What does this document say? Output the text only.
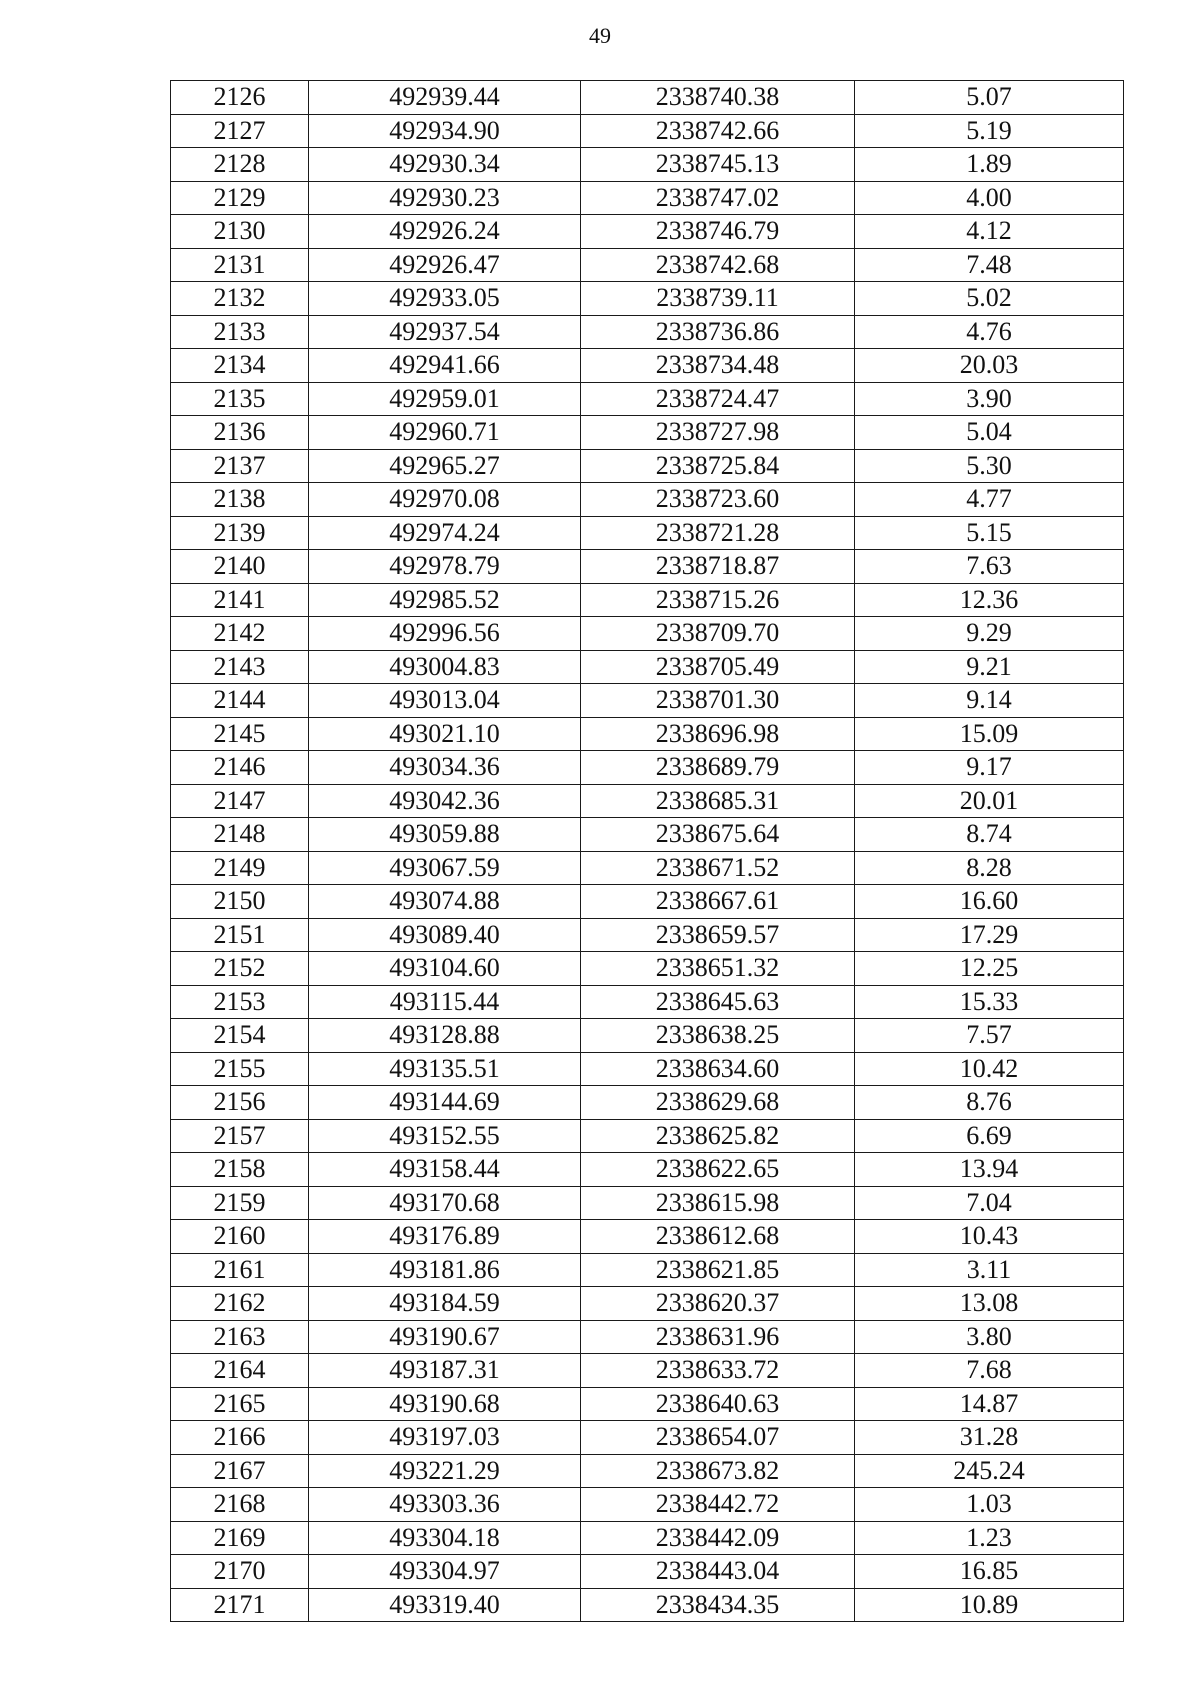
49
2126	492939.44	2338740.38	5.07
2127	492934.90	2338742.66	5.19
2128	492930.34	2338745.13	1.89
2129	492930.23	2338747.02	4.00
2130	492926.24	2338746.79	4.12
2131	492926.47	2338742.68	7.48
2132	492933.05	2338739.11	5.02
2133	492937.54	2338736.86	4.76
2134	492941.66	2338734.48	20.03
2135	492959.01	2338724.47	3.90
2136	492960.71	2338727.98	5.04
2137	492965.27	2338725.84	5.30
2138	492970.08	2338723.60	4.77
2139	492974.24	2338721.28	5.15
2140	492978.79	2338718.87	7.63
2141	492985.52	2338715.26	12.36
2142	492996.56	2338709.70	9.29
2143	493004.83	2338705.49	9.21
2144	493013.04	2338701.30	9.14
2145	493021.10	2338696.98	15.09
2146	493034.36	2338689.79	9.17
2147	493042.36	2338685.31	20.01
2148	493059.88	2338675.64	8.74
2149	493067.59	2338671.52	8.28
2150	493074.88	2338667.61	16.60
2151	493089.40	2338659.57	17.29
2152	493104.60	2338651.32	12.25
2153	493115.44	2338645.63	15.33
2154	493128.88	2338638.25	7.57
2155	493135.51	2338634.60	10.42
2156	493144.69	2338629.68	8.76
2157	493152.55	2338625.82	6.69
2158	493158.44	2338622.65	13.94
2159	493170.68	2338615.98	7.04
2160	493176.89	2338612.68	10.43
2161	493181.86	2338621.85	3.11
2162	493184.59	2338620.37	13.08
2163	493190.67	2338631.96	3.80
2164	493187.31	2338633.72	7.68
2165	493190.68	2338640.63	14.87
2166	493197.03	2338654.07	31.28
2167	493221.29	2338673.82	245.24
2168	493303.36	2338442.72	1.03
2169	493304.18	2338442.09	1.23
2170	493304.97	2338443.04	16.85
2171	493319.40	2338434.35	10.89
